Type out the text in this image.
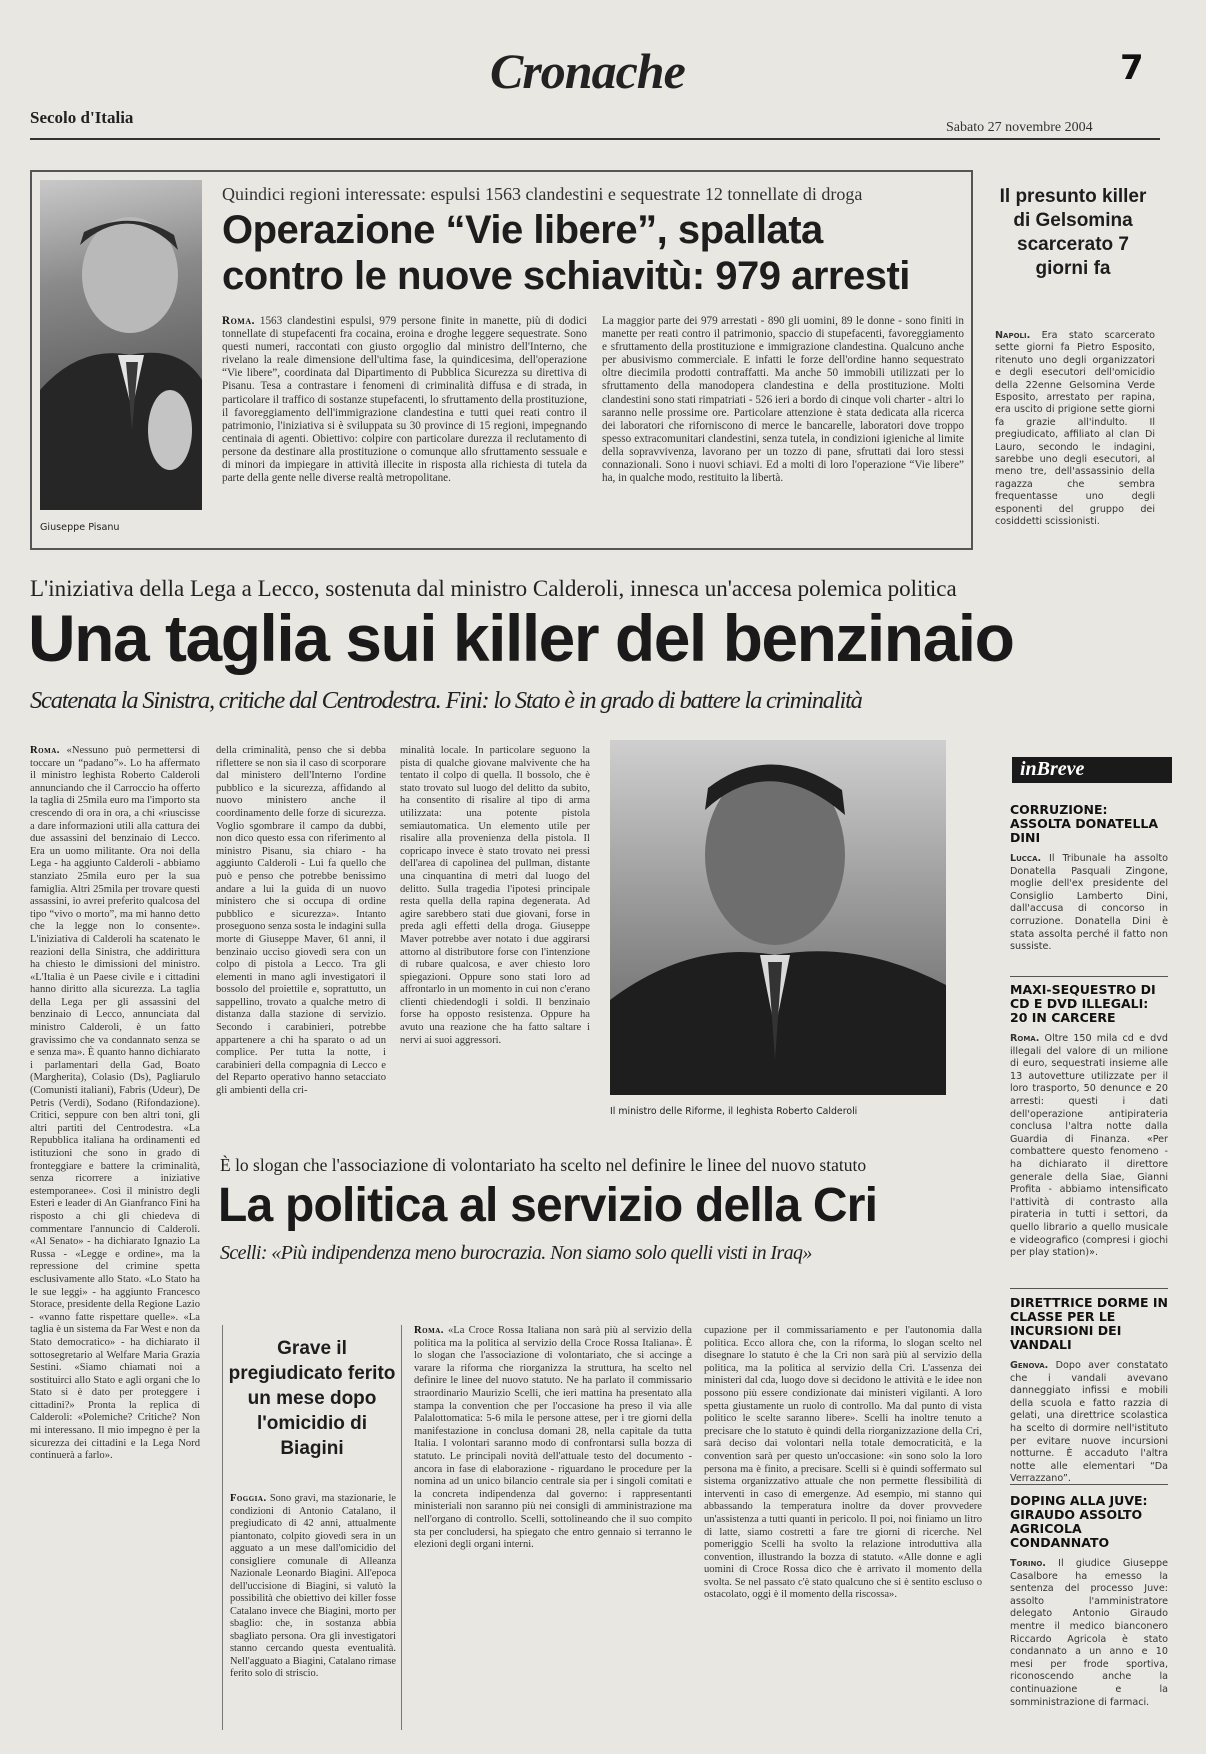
Cronache	7
Secolo d'Italia
Sabato 27 novembre 2004
Giuseppe Pisanu
Quindici regioni interessate: espulsi 1563 clandestini e sequestrate 12 tonnellate di droga
Operazione “Vie libere”, spallata
contro le nuove schiavitù: 979 arresti
Roma. 1563 clandestini espulsi, 979 persone finite in manette, più di dodici tonnellate di stupefacenti fra cocaina, eroina e droghe leggere sequestrate. Sono questi numeri, raccontati con giusto orgoglio dal ministro dell'Interno, che rivelano la reale dimensione dell'ultima fase, la quindicesima, dell'operazione “Vie libere”, coordinata dal Dipartimento di Pubblica Sicurezza su direttiva di Pisanu. Tesa a contrastare i fenomeni di criminalità diffusa e di strada, in particolare il traffico di sostanze stupefacenti, lo sfruttamento della prostituzione, il favoreggiamento dell'immigrazione clandestina e tutti quei reati contro il patrimonio, l'iniziativa si è sviluppata su 30 province di 15 regioni, impegnando centinaia di agenti. Obiettivo: colpire con particolare durezza il reclutamento di persone da destinare alla prostituzione o comunque allo sfruttamento sessuale e di minori da impiegare in attività illecite in risposta alla richiesta di tutela da parte della gente nelle diverse realtà metropolitane.
La maggior parte dei 979 arrestati - 890 gli uomini, 89 le donne - sono finiti in manette per reati contro il patrimonio, spaccio di stupefacenti, favoreggiamento e sfruttamento della prostituzione e immigrazione clandestina. Qualcuno anche per abusivismo commerciale. E infatti le forze dell'ordine hanno sequestrato oltre diecimila prodotti contraffatti. Ma anche 50 immobili utilizzati per lo sfruttamento della manodopera clandestina e della prostituzione. Molti clandestini sono stati rimpatriati - 526 ieri a bordo di cinque voli charter - altri lo saranno nelle prossime ore. Particolare attenzione è stata dedicata alla ricerca dei laboratori che riforniscono di merce le bancarelle, laboratori dove troppo spesso extracomunitari clandestini, senza tutela, in condizioni igieniche al limite della sopravvivenza, lavorano per un tozzo di pane, sfruttati dai loro stessi connazionali. Sono i nuovi schiavi. Ed a molti di loro l'operazione “Vie libere” ha, in qualche modo, restituito la libertà.
Il presunto killer di Gelsomina scarcerato 7 giorni fa
Napoli. Era stato scarcerato sette giorni fa Pietro Esposito, ritenuto uno degli organizzatori e degli esecutori dell'omicidio della 22enne Gelsomina Verde Esposito, arrestato per rapina, era uscito di prigione sette giorni fa grazie all'indulto. Il pregiudicato, affiliato al clan Di Lauro, secondo le indagini, sarebbe uno degli esecutori, al meno tre, dell'assassinio della ragazza che sembra frequentasse uno degli esponenti del gruppo dei cosiddetti scissionisti.
L'iniziativa della Lega a Lecco, sostenuta dal ministro Calderoli, innesca un'accesa polemica politica
Una taglia sui killer del benzinaio
Scatenata la Sinistra, critiche dal Centrodestra. Fini: lo Stato è in grado di battere la criminalità
Roma. «Nessuno può permettersi di toccare un “padano”». Lo ha affermato il ministro leghista Roberto Calderoli annunciando che il Carroccio ha offerto la taglia di 25mila euro ma l'importo sta crescendo di ora in ora, a chi «riuscisse a dare informazioni utili alla cattura dei due assassini del benzinaio di Lecco. Era un uomo militante. Ora noi della Lega - ha aggiunto Calderoli - abbiamo stanziato 25mila euro per la sua famiglia. Altri 25mila per trovare questi assassini, io avrei preferito qualcosa del tipo “vivo o morto”, ma mi hanno detto che la legge non lo consente». L'iniziativa di Calderoli ha scatenato le reazioni della Sinistra, che addirittura ha chiesto le dimissioni del ministro. «L'Italia è un Paese civile e i cittadini hanno diritto alla sicurezza. La taglia della Lega per gli assassini del benzinaio di Lecco, annunciata dal ministro Calderoli, è un fatto gravissimo che va condannato senza se e senza ma». È quanto hanno dichiarato i parlamentari della Gad, Boato (Margherita), Colasio (Ds), Pagliarulo (Comunisti italiani), Fabris (Udeur), De Petris (Verdi), Sodano (Rifondazione). Critici, seppure con ben altri toni, gli altri partiti del Centrodestra. «La Repubblica italiana ha ordinamenti ed istituzioni che sono in grado di fronteggiare e battere la criminalità, senza ricorrere a iniziative estemporanee». Così il ministro degli Esteri e leader di An Gianfranco Fini ha risposto a chi gli chiedeva di commentare l'annuncio di Calderoli. «Al Senato» - ha dichiarato Ignazio La Russa - «Legge e ordine», ma la repressione del crimine spetta esclusivamente allo Stato. «Lo Stato ha le sue leggi» - ha aggiunto Francesco Storace, presidente della Regione Lazio - «vanno fatte rispettare quelle». «La taglia è un sistema da Far West e non da Stato democratico» - ha dichiarato il sottosegretario al Welfare Maria Grazia Sestini. «Siamo chiamati noi a sostituirci allo Stato e agli organi che lo Stato si è dato per proteggere i cittadini?» Pronta la replica di Calderoli: «Polemiche? Critiche? Non mi interessano. Il mio impegno è per la sicurezza dei cittadini e la Lega Nord continuerà a farlo».
della criminalità, penso che si debba riflettere se non sia il caso di scorporare dal ministero dell'Interno l'ordine pubblico e la sicurezza, affidando al nuovo ministero anche il coordinamento delle forze di sicurezza. Voglio sgombrare il campo da dubbi, non dico questo essa con riferimento al ministro Pisanu, sia chiaro - ha aggiunto Calderoli - Lui fa quello che può e penso che potrebbe benissimo andare a lui la guida di un nuovo ministero che si occupa di ordine pubblico e sicurezza». Intanto proseguono senza sosta le indagini sulla morte di Giuseppe Maver, 61 anni, il benzinaio ucciso giovedì sera con un colpo di pistola a Lecco. Tra gli elementi in mano agli investigatori il bossolo del proiettile e, soprattutto, un sappellino, trovato a qualche metro di distanza dalla stazione di servizio. Secondo i carabinieri, potrebbe appartenere a chi ha sparato o ad un complice. Per tutta la notte, i carabinieri della compagnia di Lecco e del Reparto operativo hanno setacciato gli ambienti della cri-
minalità locale. In particolare seguono la pista di qualche giovane malvivente che ha tentato il colpo di quella. Il bossolo, che è stato trovato sul luogo del delitto da subito, ha consentito di risalire al tipo di arma utilizzata: una potente pistola semiautomatica. Un elemento utile per risalire alla provenienza della pistola. Il copricapo invece è stato trovato nei pressi dell'area di capolinea del pullman, distante una cinquantina di metri dal luogo del delitto. Sulla tragedia l'ipotesi principale resta quella della rapina degenerata. Ad agire sarebbero stati due giovani, forse in preda agli effetti della droga. Giuseppe Maver potrebbe aver notato i due aggirarsi attorno al distributore forse con l'intenzione di rubare qualcosa, e aver chiesto loro spiegazioni. Oppure sono stati loro ad affrontarlo in un momento in cui non c'erano clienti chiedendogli i soldi. Il benzinaio forse ha opposto resistenza. Oppure ha avuto una reazione che ha fatto saltare i nervi ai suoi aggressori.
Il ministro delle Riforme, il leghista Roberto Calderoli
inBreve
CORRUZIONE: ASSOLTA DONATELLA DINI
Lucca. Il Tribunale ha assolto Donatella Pasquali Zingone, moglie dell'ex presidente del Consiglio Lamberto Dini, dall'accusa di concorso in corruzione. Donatella Dini è stata assolta perché il fatto non sussiste.
MAXI-SEQUESTRO DI CD E DVD ILLEGALI: 20 IN CARCERE
Roma. Oltre 150 mila cd e dvd illegali del valore di un milione di euro, sequestrati insieme alle 13 autovetture utilizzate per il loro trasporto, 50 denunce e 20 arresti: questi i dati dell'operazione antipirateria conclusa l'altra notte dalla Guardia di Finanza. «Per combattere questo fenomeno - ha dichiarato il direttore generale della Siae, Gianni Profita - abbiamo intensificato l'attività di contrasto alla pirateria in tutti i settori, da quello librario a quello musicale e videografico (compresi i giochi per play station)».
DIRETTRICE DORME IN CLASSE PER LE INCURSIONI DEI VANDALI
Genova. Dopo aver constatato che i vandali avevano danneggiato infissi e mobili della scuola e fatto razzia di gelati, una direttrice scolastica ha scelto di dormire nell'istituto per evitare nuove incursioni notturne. È accaduto l'altra notte alle elementari “Da Verrazzano”.
DOPING ALLA JUVE: GIRAUDO ASSOLTO AGRICOLA CONDANNATO
Torino. Il giudice Giuseppe Casalbore ha emesso la sentenza del processo Juve: assolto l'amministratore delegato Antonio Giraudo mentre il medico bianconero Riccardo Agricola è stato condannato a un anno e 10 mesi per frode sportiva, riconoscendo anche la continuazione e la somministrazione di farmaci.
È lo slogan che l'associazione di volontariato ha scelto nel definire le linee del nuovo statuto
La politica al servizio della Cri
Scelli: «Più indipendenza meno burocrazia. Non siamo solo quelli visti in Iraq»
Grave il pregiudicato ferito un mese dopo l'omicidio di Biagini
Foggia. Sono gravi, ma stazionarie, le condizioni di Antonio Catalano, il pregiudicato di 42 anni, attualmente piantonato, colpito giovedì sera in un agguato a un mese dall'omicidio del consigliere comunale di Alleanza Nazionale Leonardo Biagini. All'epoca dell'uccisione di Biagini, si valutò la possibilità che obiettivo dei killer fosse Catalano invece che Biagini, morto per sbaglio: che, in sostanza abbia sbagliato persona. Ora gli investigatori stanno cercando questa eventualità. Nell'agguato a Biagini, Catalano rimase ferito solo di striscio.
Roma. «La Croce Rossa Italiana non sarà più al servizio della politica ma la politica al servizio della Croce Rossa Italiana». È lo slogan che l'associazione di volontariato, che si accinge a varare la riforma che riorganizza la struttura, ha scelto nel definire le linee del nuovo statuto. Ne ha parlato il commissario straordinario Maurizio Scelli, che ieri mattina ha presentato alla stampa la convention che per l'occasione ha preso il via alle Palalottomatica: 5-6 mila le persone attese, per i tre giorni della manifestazione in conclusa domani 28, nella capitale da tutta Italia. I volontari saranno modo di confrontarsi sulla bozza di statuto. Le principali novità dell'attuale testo del documento - ancora in fase di elaborazione - riguardano le procedure per la nomina ad un unico bilancio centrale sia per i singoli comitati e la concreta indipendenza dal governo: i rappresentanti ministeriali non saranno più nei consigli di amministrazione ma nell'organo di controllo. Scelli, sottolineando che il suo compito sta per concludersi, ha spiegato che entro gennaio si terranno le elezioni degli organi interni.
cupazione per il commissariamento e per l'autonomia dalla politica. Ecco allora che, con la riforma, lo slogan scelto nel disegnare lo statuto è che la Cri non sarà più al servizio della politica, ma la politica al servizio della Cri. L'assenza dei ministeri dal cda, luogo dove si decidono le attività e le idee non possono più essere condizionate dai ministeri vigilanti. A loro spetta giustamente un ruolo di controllo. Ma dal punto di vista politico le scelte saranno libere». Scelli ha inoltre tenuto a precisare che lo statuto è quindi della riorganizzazione della Cri, sarà deciso dai volontari nella totale democraticità, e la convention sarà per questo un'occasione: «in sono solo la loro persona ma è finito, a precisare. Scelli si è quindi soffermato sul sistema organizzativo attuale che non permette flessibilità di interventi in caso di emergenze. Ad esempio, mi stanno qui abbassando la temperatura inoltre da dover provvedere un'assistenza a tutti quanti in pericolo. Il poi, noi finiamo un litro di latte, siamo costretti a fare tre giorni di ricerche. Nel pomeriggio Scelli ha svolto la relazione introduttiva alla convention, illustrando la bozza di statuto. «Alle donne e agli uomini di Croce Rossa dico che è arrivato il momento della svolta. Se nel passato c'è stato qualcuno che si è sentito escluso o ostacolato, oggi è il momento della riscossa».
